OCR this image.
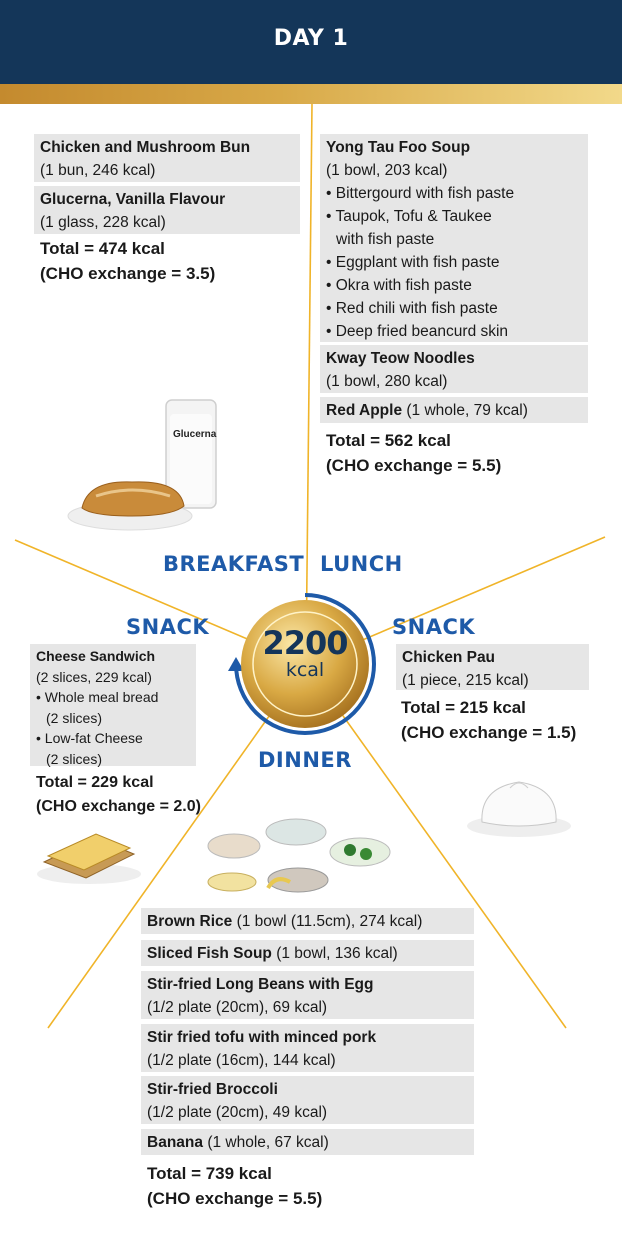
DAY 1
Chicken and Mushroom Bun
(1 bun, 246 kcal)
Glucerna, Vanilla Flavour
(1 glass, 228 kcal)
Total = 474 kcal
(CHO exchange = 3.5)
Glucerna
Yong Tau Foo Soup
(1 bowl, 203 kcal)
• Bittergourd with fish paste
• Taupok, Tofu & Taukee
with fish paste
• Eggplant with fish paste
• Okra with fish paste
• Red chili with fish paste
• Deep fried beancurd skin
Kway Teow Noodles
(1 bowl, 280 kcal)
Red Apple (1 whole, 79 kcal)
Total = 562 kcal
(CHO exchange = 5.5)
BREAKFAST LUNCH
SNACK	SNACK
DINNER
2200
kcal
Cheese Sandwich
(2 slices, 229 kcal)
• Whole meal bread
(2 slices)
• Low-fat Cheese
(2 slices)
Total = 229 kcal
(CHO exchange = 2.0)
Chicken Pau
(1 piece, 215 kcal)
Total = 215 kcal
(CHO exchange = 1.5)
Brown Rice (1 bowl (11.5cm), 274 kcal)
Sliced Fish Soup (1 bowl, 136 kcal)
Stir-fried Long Beans with Egg
(1/2 plate (20cm), 69 kcal)
Stir fried tofu with minced pork
(1/2 plate (16cm), 144 kcal)
Stir-fried Broccoli
(1/2 plate (20cm), 49 kcal)
Banana (1 whole, 67 kcal)
Total = 739 kcal
(CHO exchange = 5.5)
